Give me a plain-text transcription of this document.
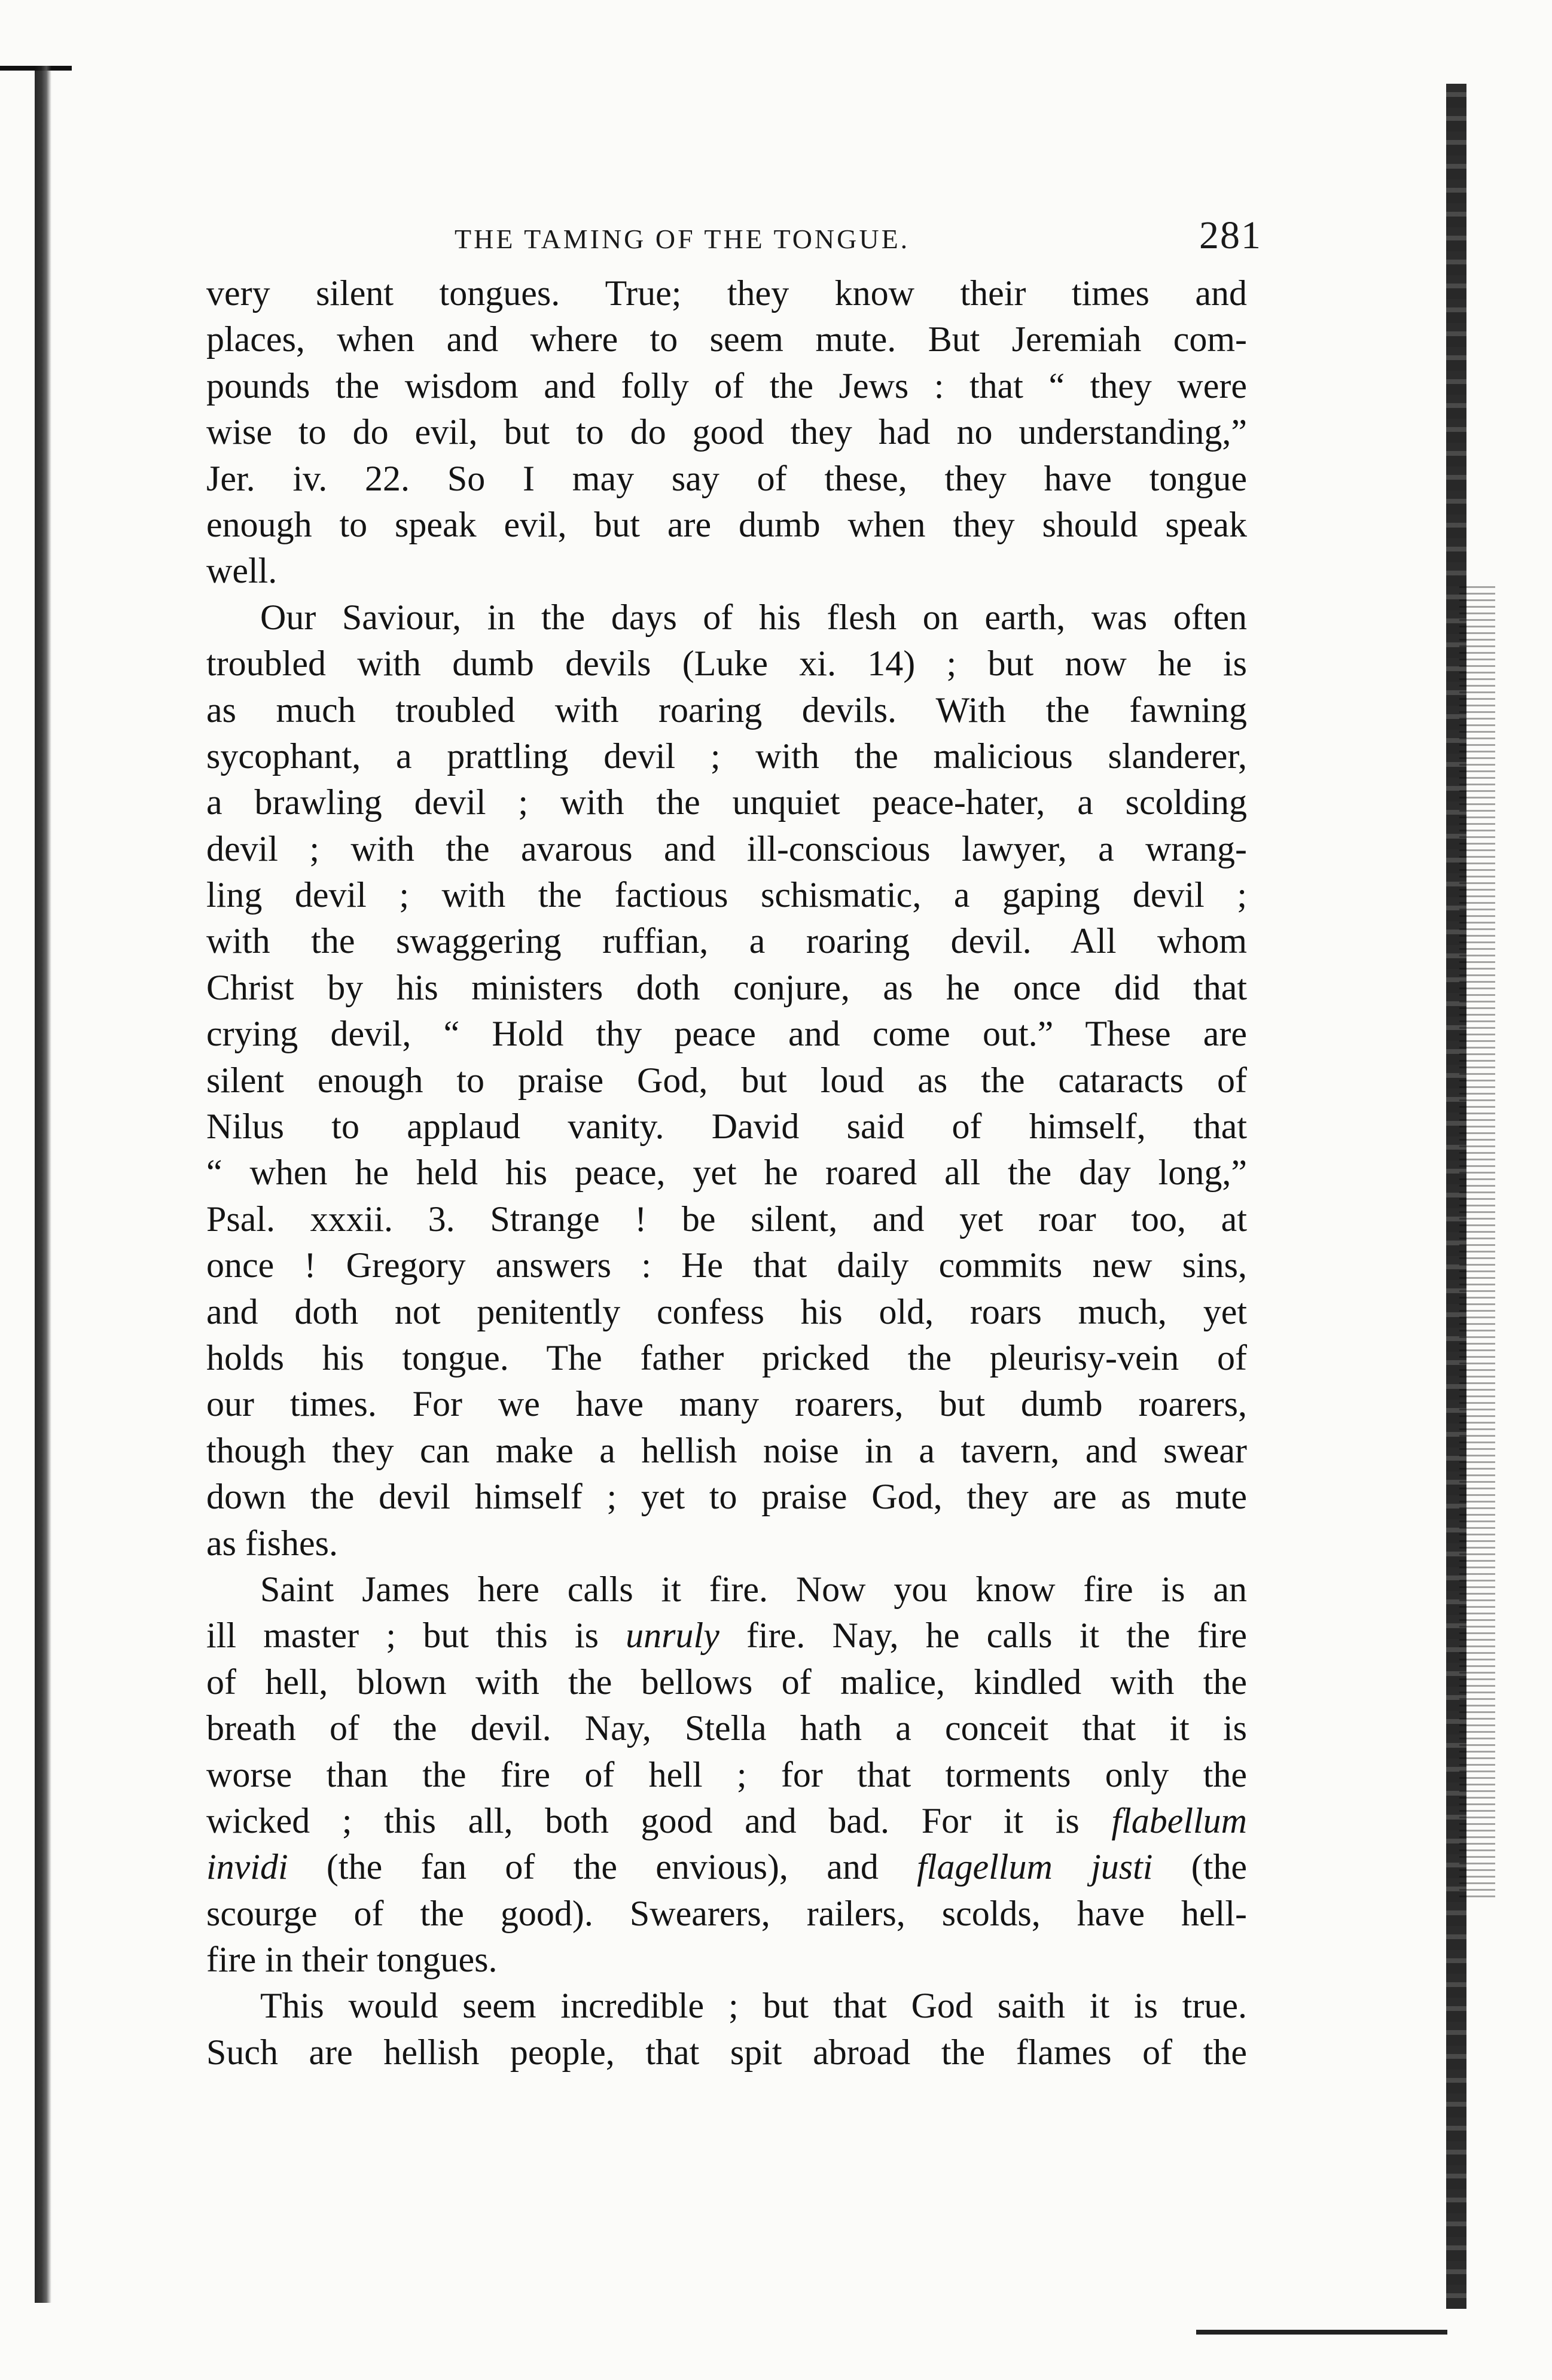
THE TAMING OF THE TONGUE.	281
very silent tongues. True; they know their times and
places, when and where to seem mute. But Jeremiah com-
pounds the wisdom and folly of the Jews : that “ they were
wise to do evil, but to do good they had no understanding,”
Jer. iv. 22. So I may say of these, they have tongue
enough to speak evil, but are dumb when they should speak
well.
Our Saviour, in the days of his flesh on earth, was often
troubled with dumb devils (Luke xi. 14) ; but now he is
as much troubled with roaring devils. With the fawning
sycophant, a prattling devil ; with the malicious slanderer,
a brawling devil ; with the unquiet peace-hater, a scolding
devil ; with the avarous and ill-conscious lawyer, a wrang-
ling devil ; with the factious schismatic, a gaping devil ;
with the swaggering ruffian, a roaring devil. All whom
Christ by his ministers doth conjure, as he once did that
crying devil, “ Hold thy peace and come out.” These are
silent enough to praise God, but loud as the cataracts of
Nilus to applaud vanity. David said of himself, that
“ when he held his peace, yet he roared all the day long,”
Psal. xxxii. 3. Strange ! be silent, and yet roar too, at
once ! Gregory answers : He that daily commits new sins,
and doth not penitently confess his old, roars much, yet
holds his tongue. The father pricked the pleurisy-vein of
our times. For we have many roarers, but dumb roarers,
though they can make a hellish noise in a tavern, and swear
down the devil himself ; yet to praise God, they are as mute
as fishes.
Saint James here calls it fire. Now you know fire is an
ill master ; but this is unruly fire. Nay, he calls it the fire
of hell, blown with the bellows of malice, kindled with the
breath of the devil. Nay, Stella hath a conceit that it is
worse than the fire of hell ; for that torments only the
wicked ; this all, both good and bad. For it is flabellum
invidi (the fan of the envious), and flagellum justi (the
scourge of the good). Swearers, railers, scolds, have hell-
fire in their tongues.
This would seem incredible ; but that God saith it is true.
Such are hellish people, that spit abroad the flames of the
